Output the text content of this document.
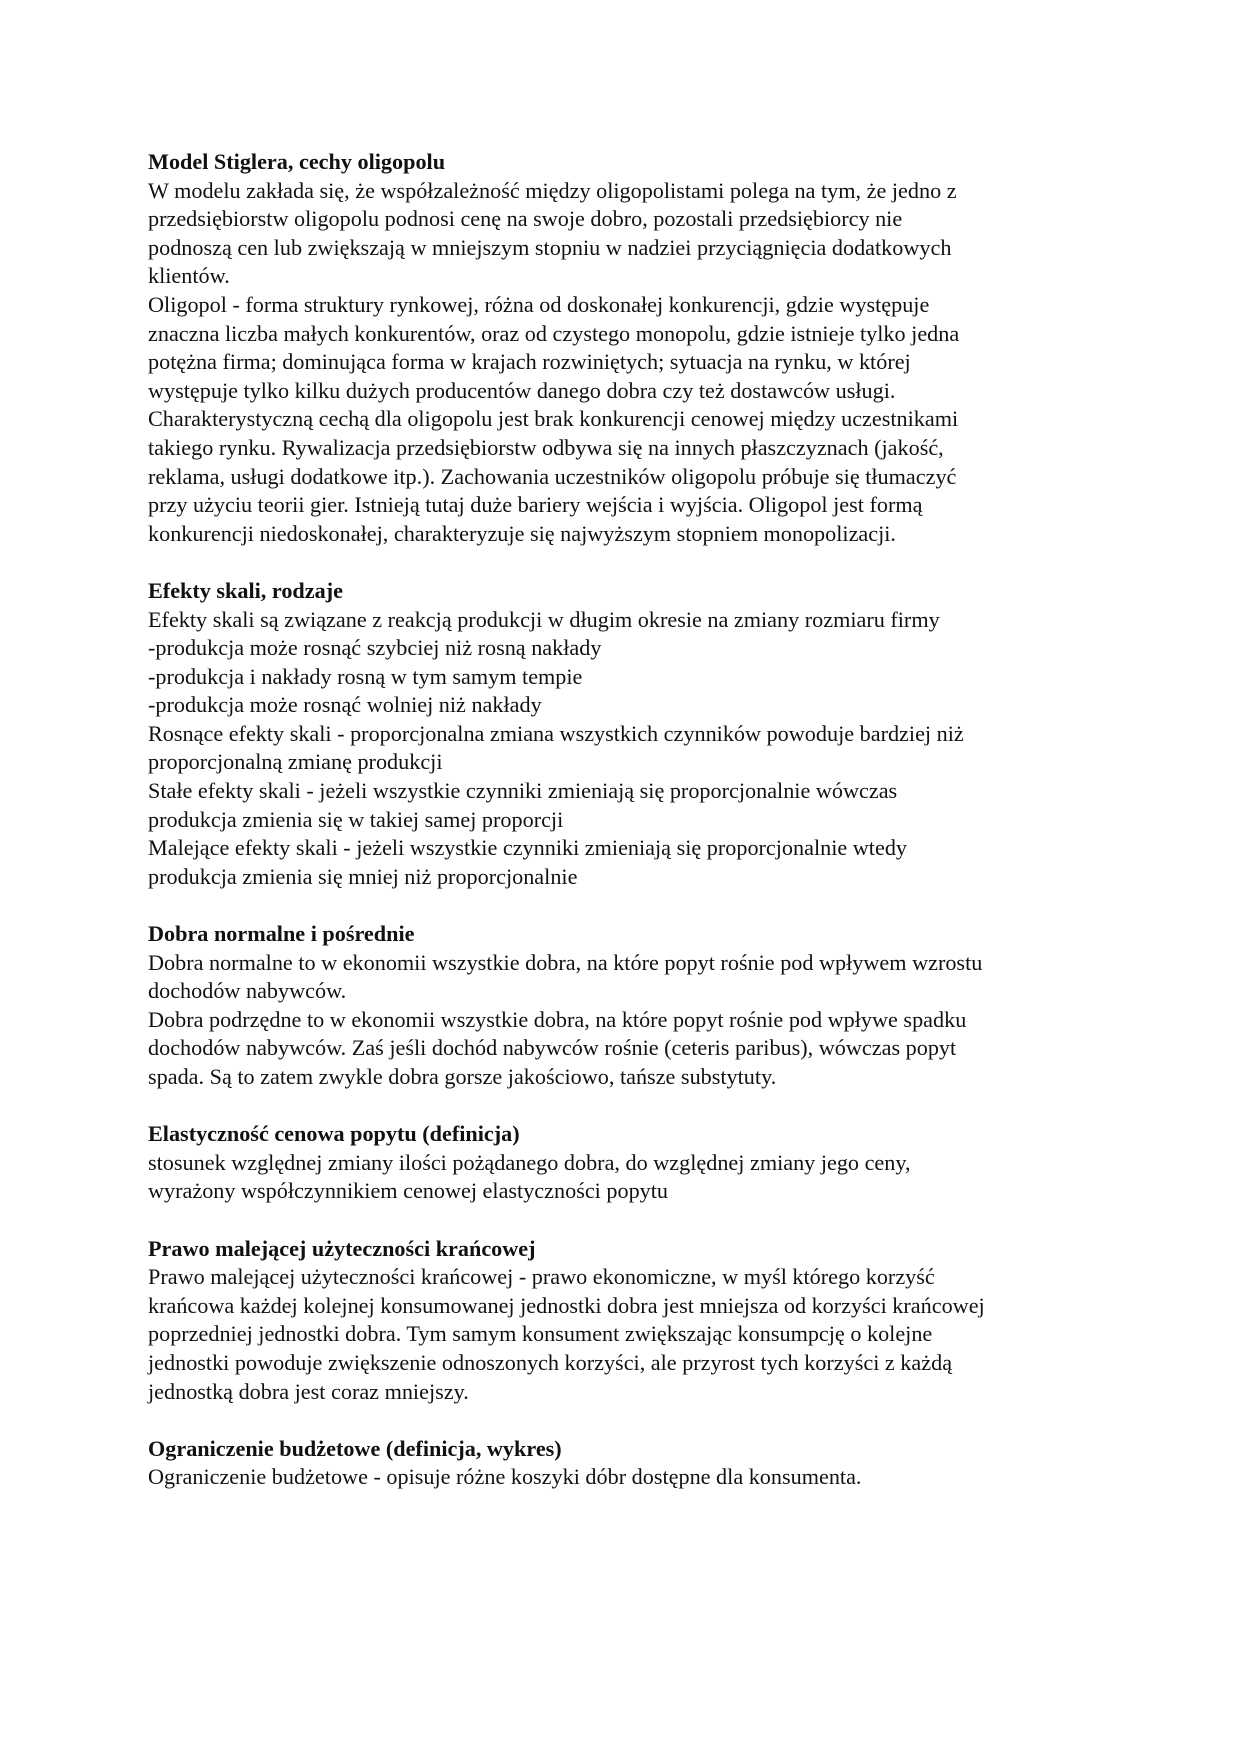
Model Stiglera, cechy oligopolu

W modelu zakłada się, że współzależność między oligopolistami polega na tym, że jedno z

przedsiębiorstw oligopolu podnosi cenę na swoje dobro, pozostali przedsiębiorcy nie

podnoszą cen lub zwiększają w mniejszym stopniu w nadziei przyciągnięcia dodatkowych

klientów.

Oligopol - forma struktury rynkowej, różna od doskonałej konkurencji, gdzie występuje

znaczna liczba małych konkurentów, oraz od czystego monopolu, gdzie istnieje tylko jedna

potężna firma; dominująca forma w krajach rozwiniętych; sytuacja na rynku, w której

występuje tylko kilku dużych producentów danego dobra czy też dostawców usługi.

Charakterystyczną cechą dla oligopolu jest brak konkurencji cenowej między uczestnikami

takiego rynku. Rywalizacja przedsiębiorstw odbywa się na innych płaszczyznach (jakość,

reklama, usługi dodatkowe itp.). Zachowania uczestników oligopolu próbuje się tłumaczyć

przy użyciu teorii gier. Istnieją tutaj duże bariery wejścia i wyjścia. Oligopol jest formą

konkurencji niedoskonałej, charakteryzuje się najwyższym stopniem monopolizacji.

Efekty skali, rodzaje

Efekty skali są związane z reakcją produkcji w długim okresie na zmiany rozmiaru firmy

-produkcja może rosnąć szybciej niż rosną nakłady

-produkcja i nakłady rosną w tym samym tempie

-produkcja może rosnąć wolniej niż nakłady

Rosnące efekty skali - proporcjonalna zmiana wszystkich czynników powoduje bardziej niż

proporcjonalną zmianę produkcji

Stałe efekty skali - jeżeli wszystkie czynniki zmieniają się proporcjonalnie wówczas

produkcja zmienia się w takiej samej proporcji

Malejące efekty skali - jeżeli wszystkie czynniki zmieniają się proporcjonalnie wtedy

produkcja zmienia się mniej niż proporcjonalnie

Dobra normalne i pośrednie

Dobra normalne to w ekonomii wszystkie dobra, na które popyt rośnie pod wpływem wzrostu

dochodów nabywców.

Dobra podrzędne to w ekonomii wszystkie dobra, na które popyt rośnie pod wpływe spadku

dochodów nabywców. Zaś jeśli dochód nabywców rośnie (ceteris paribus), wówczas popyt

spada. Są to zatem zwykle dobra gorsze jakościowo, tańsze substytuty.

Elastyczność cenowa popytu (definicja)

stosunek względnej zmiany ilości pożądanego dobra, do względnej zmiany jego ceny,

wyrażony współczynnikiem cenowej elastyczności popytu

Prawo malejącej użyteczności krańcowej

Prawo malejącej użyteczności krańcowej - prawo ekonomiczne, w myśl którego korzyść

krańcowa każdej kolejnej konsumowanej jednostki dobra jest mniejsza od korzyści krańcowej

poprzedniej jednostki dobra. Tym samym konsument zwiększając konsumpcję o kolejne

jednostki powoduje zwiększenie odnoszonych korzyści, ale przyrost tych korzyści z każdą

jednostką dobra jest coraz mniejszy.

Ograniczenie budżetowe (definicja, wykres)

Ograniczenie budżetowe - opisuje różne koszyki dóbr dostępne dla konsumenta.
